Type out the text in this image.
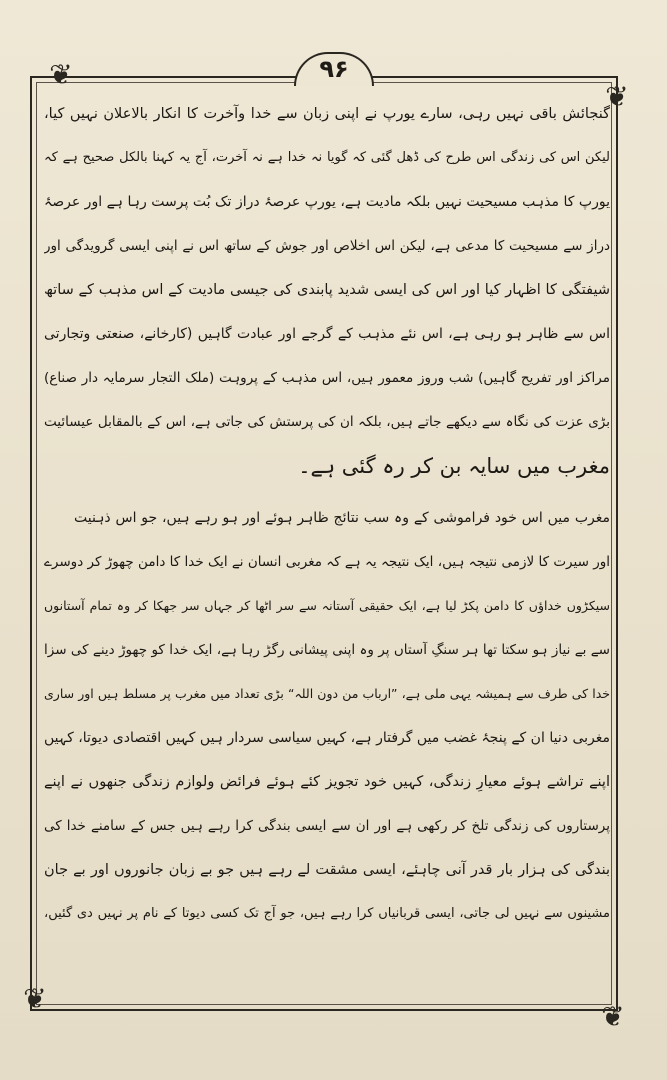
❦
❦
❦
❦
۹۶
گنجائش باقی نہیں رہی، سارے یورپ نے اپنی زبان سے خدا وآخرت کا انکار بالاعلان نہیں کیا،
لیکن اس کی زندگی اس طرح کی ڈھل گئی کہ گویا نہ خدا ہے نہ آخرت، آج یہ کہنا بالکل صحیح ہے کہ
یورپ کا مذہب مسیحیت نہیں بلکہ مادیت ہے، یورپ عرصۂ دراز تک بُت پرست رہا ہے اور عرصۂ
دراز سے مسیحیت کا مدعی ہے، لیکن اس اخلاص اور جوش کے ساتھ اس نے اپنی ایسی گرویدگی اور
شیفتگی کا اظہار کیا اور اس کی ایسی شدید پابندی کی جیسی مادیت کے اس مذہب کے ساتھ
اس سے ظاہر ہو رہی ہے، اس نئے مذہب کے گرجے اور عبادت گاہیں (کارخانے، صنعتی وتجارتی
مراکز اور تفریح گاہیں) شب وروز معمور ہیں، اس مذہب کے پروہت (ملک التجار سرمایہ دار صناع)
بڑی عزت کی نگاہ سے دیکھے جاتے ہیں، بلکہ ان کی پرستش کی جاتی ہے، اس کے بالمقابل عیسائیت
مغرب میں سایہ بن کر رہ گئی ہے۔
مغرب میں اس خود فراموشی کے وہ سب نتائج ظاہر ہوئے اور ہو رہے ہیں، جو اس ذہنیت
اور سیرت کا لازمی نتیجہ ہیں، ایک نتیجہ یہ ہے کہ مغربی انسان نے ایک خدا کا دامن چھوڑ کر دوسرے
سیکڑوں خداؤں کا دامن پکڑ لیا ہے، ایک حقیقی آستانہ سے سر اٹھا کر جہاں سر جھکا کر وہ تمام آستانوں
سے بے نیاز ہو سکتا تھا ہر سنگِ آستاں پر وہ اپنی پیشانی رگڑ رہا ہے، ایک خدا کو چھوڑ دینے کی سزا
خدا کی طرف سے ہمیشہ یہی ملی ہے، ”ارباب من دون اللہ“ بڑی تعداد میں مغرب پر مسلط ہیں اور ساری
مغربی دنیا ان کے پنجۂ غضب میں گرفتار ہے، کہیں سیاسی سردار ہیں کہیں اقتصادی دیوتا، کہیں
اپنے تراشے ہوئے معیارِ زندگی، کہیں خود تجویز کئے ہوئے فرائض ولوازم زندگی جنھوں نے اپنے
پرستاروں کی زندگی تلخ کر رکھی ہے اور ان سے ایسی بندگی کرا رہے ہیں جس کے سامنے خدا کی
بندگی کی ہزار بار قدر آنی چاہئے، ایسی مشقت لے رہے ہیں جو بے زبان جانوروں اور بے جان
مشینوں سے نہیں لی جاتی، ایسی قربانیاں کرا رہے ہیں، جو آج تک کسی دیوتا کے نام پر نہیں دی گئیں،
